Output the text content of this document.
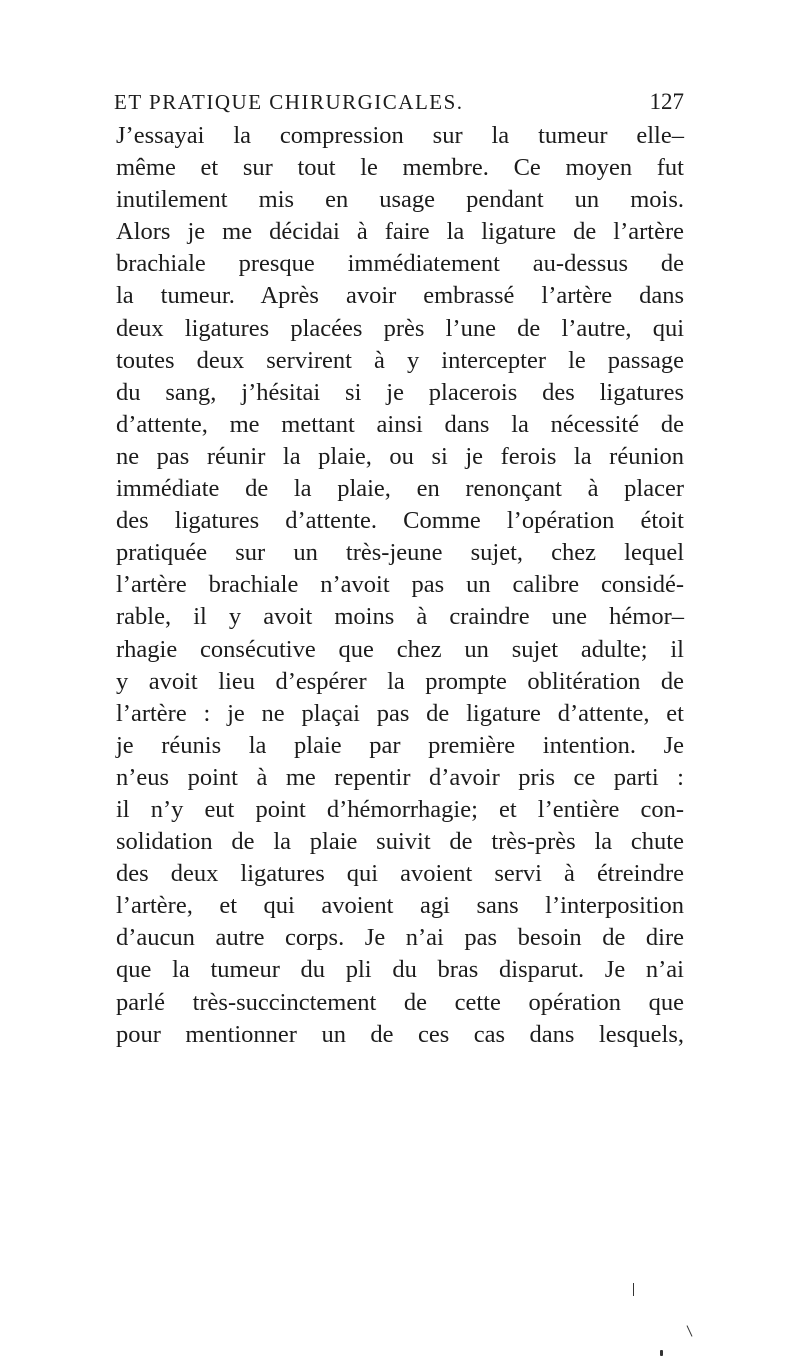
ET PRATIQUE CHIRURGICALES.	127
J’essayai la compression sur la tumeur elle–
même et sur tout le membre. Ce moyen fut
inutilement mis en usage pendant un mois.
Alors je me décidai à faire la ligature de l’artère
brachiale presque immédiatement au-dessus de
la tumeur. Après avoir embrassé l’artère dans
deux ligatures placées près l’une de l’autre, qui
toutes deux servirent à y intercepter le passage
du sang, j’hésitai si je placerois des ligatures
d’attente, me mettant ainsi dans la nécessité de
ne pas réunir la plaie, ou si je ferois la réunion
immédiate de la plaie, en renonçant à placer
des ligatures d’attente. Comme l’opération étoit
pratiquée sur un très-jeune sujet, chez lequel
l’artère brachiale n’avoit pas un calibre considé-
rable, il y avoit moins à craindre une hémor–
rhagie consécutive que chez un sujet adulte; il
y avoit lieu d’espérer la prompte oblitération de
l’artère : je ne plaçai pas de ligature d’attente, et
je réunis la plaie par première intention. Je
n’eus point à me repentir d’avoir pris ce parti :
il n’y eut point d’hémorrhagie; et l’entière con-
solidation de la plaie suivit de très-près la chute
des deux ligatures qui avoient servi à étreindre
l’artère, et qui avoient agi sans l’interposition
d’aucun autre corps. Je n’ai pas besoin de dire
que la tumeur du pli du bras disparut. Je n’ai
parlé très-succinctement de cette opération que
pour mentionner un de ces cas dans lesquels,
